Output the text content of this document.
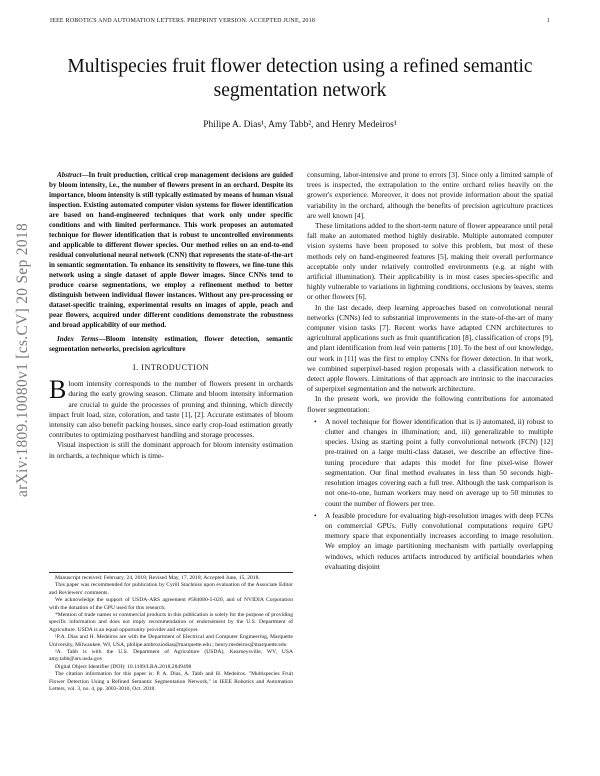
IEEE ROBOTICS AND AUTOMATION LETTERS. PREPRINT VERSION. ACCEPTED JUNE, 2018	1
arXiv:1809.10080v1 [cs.CV] 20 Sep 2018
Multispecies fruit flower detection using a refined semantic segmentation network
Philipe A. Dias¹, Amy Tabb², and Henry Medeiros¹

Abstract—In fruit production, critical crop management decisions are guided by bloom intensity, i.e., the number of flowers present in an orchard. Despite its importance, bloom intensity is still typically estimated by means of human visual inspection. Existing automated computer vision systems for flower identification are based on hand-engineered techniques that work only under specific conditions and with limited performance. This work proposes an automated technique for flower identification that is robust to uncontrolled environments and applicable to different flower species. Our method relies on an end-to-end residual convolutional neural network (CNN) that represents the state-of-the-art in semantic segmentation. To enhance its sensitivity to flowers, we fine-tune this network using a single dataset of apple flower images. Since CNNs tend to produce coarse segmentations, we employ a refinement method to better distinguish between individual flower instances. Without any pre-processing or dataset-specific training, experimental results on images of apple, peach and pear flowers, acquired under different conditions demonstrate the robustness and broad applicability of our method.

Index Terms—Bloom intensity estimation, flower detection, semantic segmentation networks, precision agriculture

I. INTRODUCTION

Bloom intensity corresponds to the number of flowers present in orchards during the early growing season. Climate and bloom intensity information are crucial to guide the processes of pruning and thinning, which directly impact fruit load, size, coloration, and taste [1], [2]. Accurate estimates of bloom intensity can also benefit packing houses, since early crop-load estimation greatly contributes to optimizing postharvest handling and storage processes.

Visual inspection is still the dominant approach for bloom intensity estimation in orchards, a technique which is time-

Manuscript received: February, 24, 2018; Revised May, 17, 2018; Accepted June, 15, 2018.

This paper was recommended for publication by Cyrill Stachniss upon evaluation of the Associate Editor and Reviewers' comments.

We acknowledge the support of USDA-ARS agreement #584080-5-020, and of NVIDIA Corporation with the donation of the GPU used for this research.

*Mention of trade names or commercial products in this publication is solely for the purpose of providing specific information and does not imply recommendation or endorsement by the U.S. Department of Agriculture. USDA is an equal opportunity provider and employer.

¹P.A. Dias and H. Medeiros are with the Department of Electrical and Computer Engineering, Marquette University, Milwaukee, WI, USA, philipe.ambroziodias@marquette.edu ; henry.medeiros@marquette.edu

²A. Tabb is with the U.S. Department of Agriculture (USDA), Kearneysville, WV, USA amy.tabb@ars.usda.gov

Digital Object Identifier (DOI): 10.1109/LRA.2018.2849498

The citation information for this paper is: P. A. Dias, A. Tabb and H. Medeiros. "Multispecies Fruit Flower Detection Using a Refined Semantic Segmentation Network," in IEEE Robotics and Automation Letters, vol. 3, no. 4, pp. 3003-3010, Oct. 2018.

consuming, labor-intensive and prone to errors [3]. Since only a limited sample of trees is inspected, the extrapolation to the entire orchard relies heavily on the grower's experience. Moreover, it does not provide information about the spatial variability in the orchard, although the benefits of precision agriculture practices are well known [4].

These limitations added to the short-term nature of flower appearance until petal fall make an automated method highly desirable. Multiple automated computer vision systems have been proposed to solve this problem, but most of these methods rely on hand-engineered features [5], making their overall performance acceptable only under relatively controlled environments (e.g. at night with artificial illumination). Their applicability is in most cases species-specific and highly vulnerable to variations in lightning conditions, occlusions by leaves, stems or other flowers [6].

In the last decade, deep learning approaches based on convolutional neural networks (CNNs) led to substantial improvements in the state-of-the-art of many computer vision tasks [7]. Recent works have adapted CNN architectures to agricultural applications such as fruit quantification [8], classification of crops [9], and plant identification from leaf vein patterns [10]. To the best of our knowledge, our work in [11] was the first to employ CNNs for flower detection. In that work, we combined superpixel-based region proposals with a classification network to detect apple flowers. Limitations of that approach are intrinsic to the inaccuracies of superpixel segmentation and the network architecture.

In the present work, we provide the following contributions for automated flower segmentation:

• A novel technique for flower identification that is i) automated, ii) robust to clutter and changes in illumination; and, iii) generalizable to multiple species. Using as starting point a fully convolutional network (FCN) [12] pre-trained on a large multi-class dataset, we describe an effective fine-tuning procedure that adapts this model for fine pixel-wise flower segmentation. Our final method evaluates in less than 50 seconds high-resolution images covering each a full tree. Although the task comparison is not one-to-one, human workers may need on average up to 50 minutes to count the number of flowers per tree.
• A feasible procedure for evaluating high-resolution images with deep FCNs on commercial GPUs. Fully convolutional computations require GPU memory space that exponentially increases according to image resolution. We employ an image partitioning mechanism with partially overlapping windows, which reduces artifacts introduced by artificial boundaries when evaluating disjoint
